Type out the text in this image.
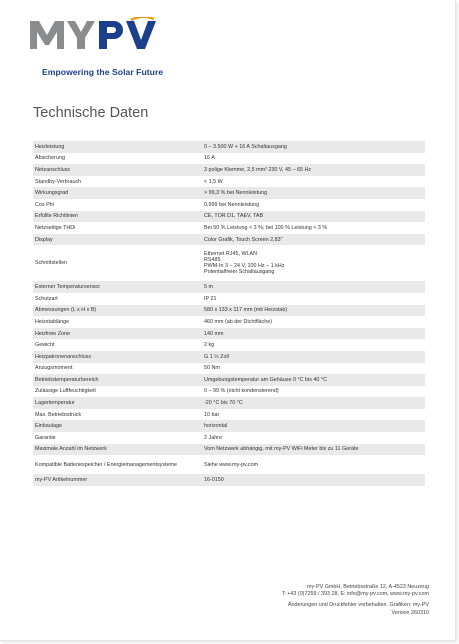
Empowering the Solar Future
Technische Daten
Heizleistung	0 – 3.500 W + 16 A Schaltausgang

Absicherung	16 A

Netzanschluss	3 polige Klemme, 2,5 mm² 230 V, 45 – 65 Hz

Standby-Verbrauch	< 1,5 W

Wirkungsgrad	> 99,3 % bei Nennleistung

Cos Phi	0,999 bei Nennleistung

Erfüllte Richtlinien	CE, TOR D1, TAEV, TAB

Netzseitige THDi	Bei 50 % Leistung < 3 %; bei 100 % Leistung < 3 %

Display	Color Grafik, Touch Screen 2,83"

Schnittstellen	Ethernet RJ45, WLAN
RS485
PWM-In 3 – 24 V, 100 Hz – 1 kHz
Potentialfreier Schaltausgang

Externer Temperatursensor	5 m

Schutzart	IP 21

Abmessungen (L x H x B)	580 x 133 x 117 mm (mit Heizstab)

Heizstablänge	460 mm (ab der Dichtfläche)

Heizfreie Zone	140 mm

Gewicht	2 kg

Heizpatronenanschluss	G 1 ½ Zoll

Anzugsmoment	50 Nm

Betriebstemperaturbereich	Umgebungstemperatur am Gehäuse 0 °C bis 40 °C

Zulässige Luftfeuchtigkeit	0 – 99 % (nicht kondensierend)

Lagertemperatur	-20 °C bis 70 °C

Max. Betriebsdruck	10 bar

Einbaulage	horizontal

Garantie	2 Jahre

Maximale Anzahl im Netzwerk	Vom Netzwerk abhängig, mit my-PV WiFi Meter bis zu 11 Geräte

Kompatible Batteriespeicher / Energiemanagementsysteme	Siehe www.my-pv.com

my-PV Artikelnummer	16-0150
my-PV GmbH, Betriebsstraße 12, A-4523 Neuzeug
T: +43 (0)7259 / 393 28, E: info@my-pv.com, www.my-pv.com
Änderungen und Druckfehler vorbehalten. Grafiken: my-PV
Version 260310
